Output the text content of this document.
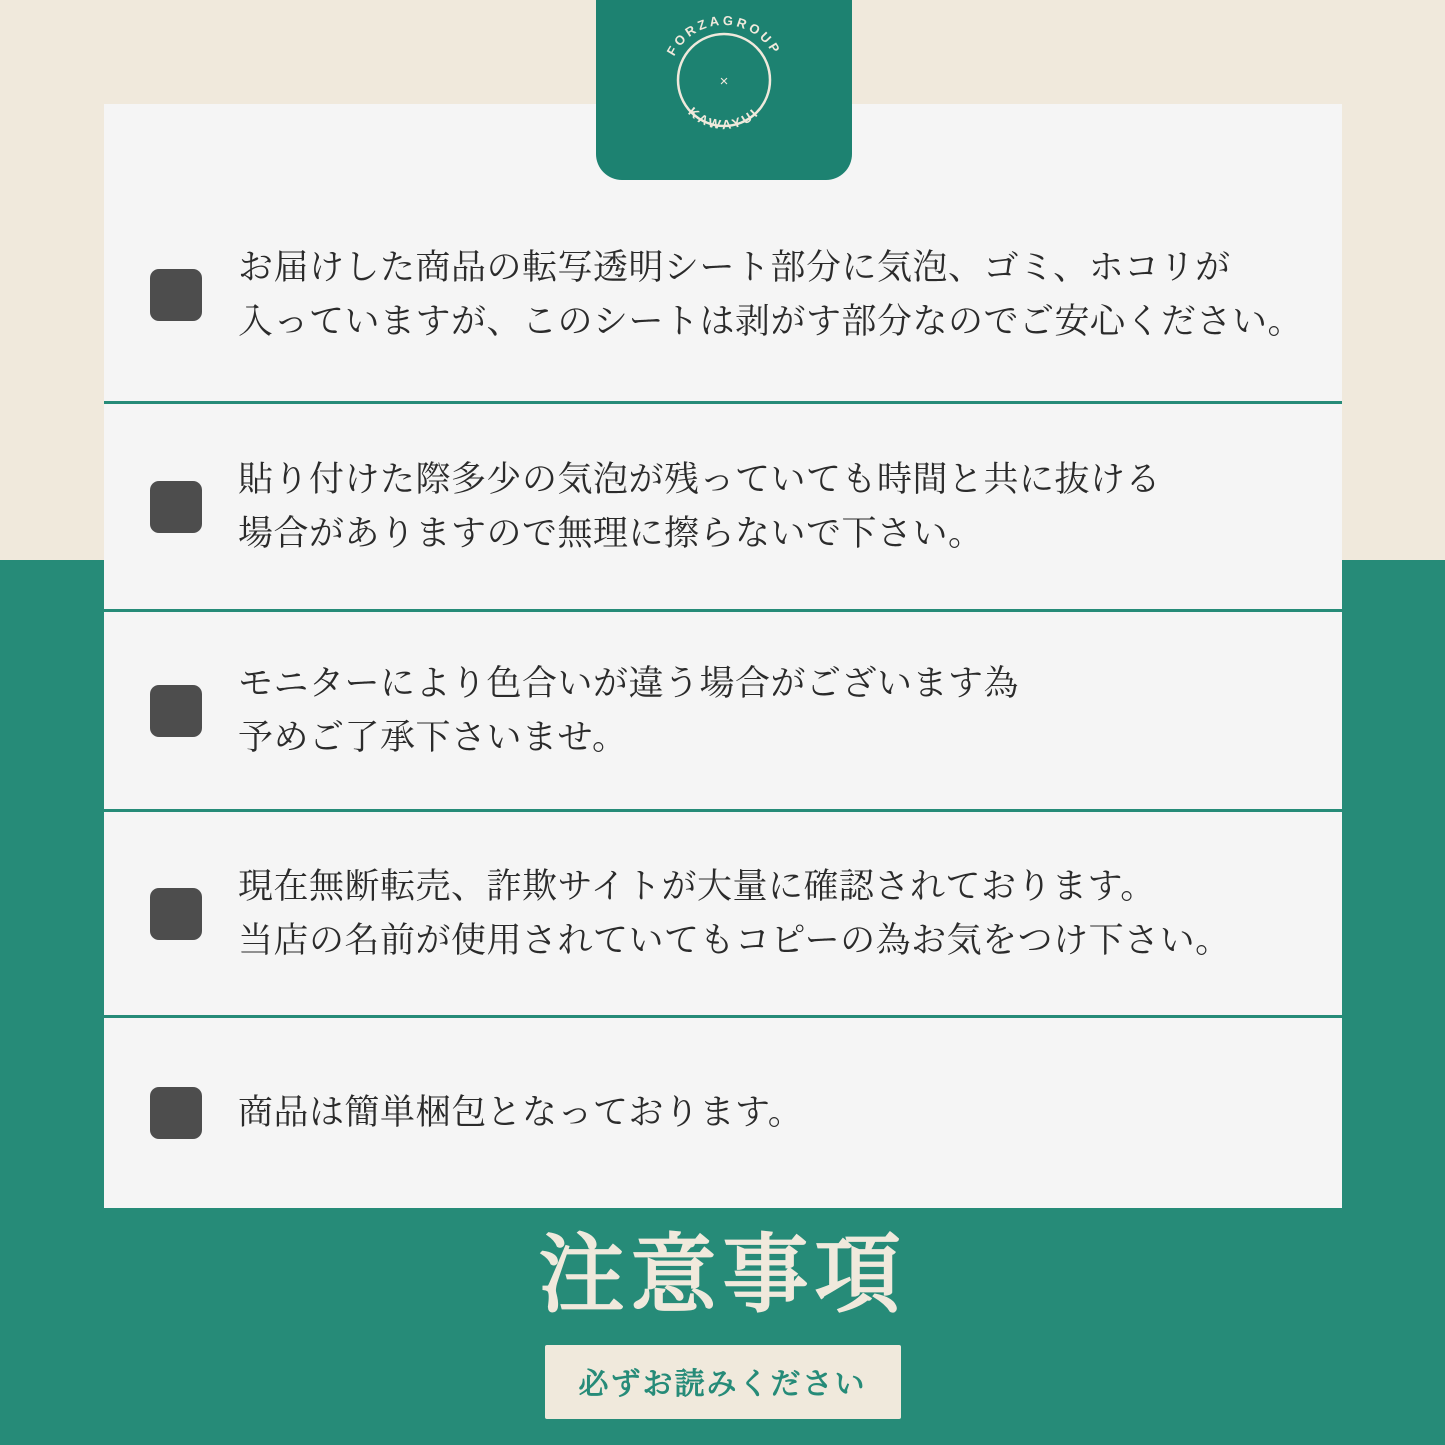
お届けした商品の転写透明シート部分に気泡、ゴミ、ホコリが
入っていますが、このシートは剥がす部分なのでご安心ください。
貼り付けた際多少の気泡が残っていても時間と共に抜ける
場合がありますので無理に擦らないで下さい。
モニターにより色合いが違う場合がございます為
予めご了承下さいませ。
現在無断転売、詐欺サイトが大量に確認されております。
当店の名前が使用されていてもコピーの為お気をつけ下さい。
商品は簡単梱包となっております。
FORZAGROUP
KAWAYUI
×
注意事項
必ずお読みください
